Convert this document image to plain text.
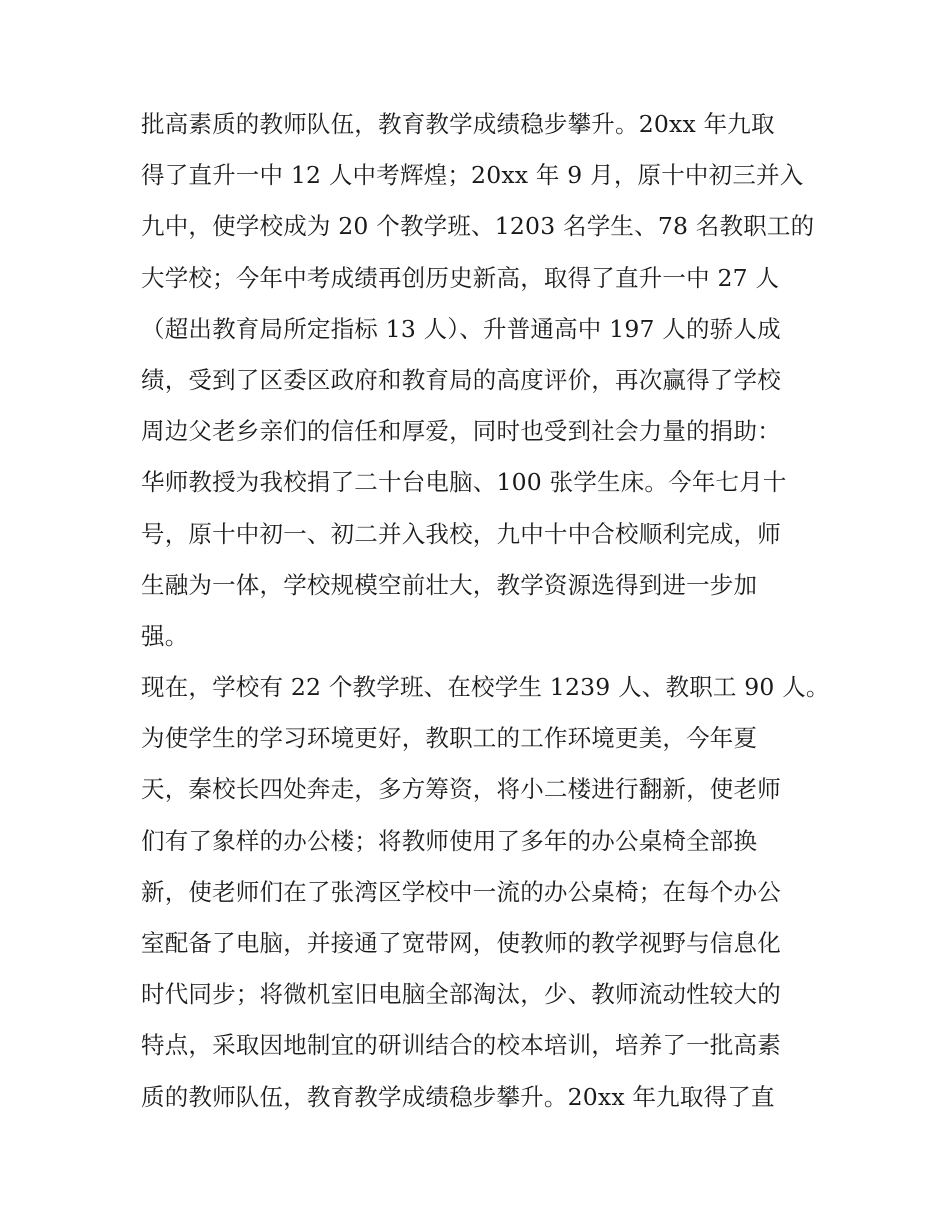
批高素质的教师队伍，教育教学成绩稳步攀升。20xx 年九取
得了直升一中 12 人中考辉煌；20xx 年 9 月，原十中初三并入
九中，使学校成为 20 个教学班、1203 名学生、78 名教职工的
大学校；今年中考成绩再创历史新高，取得了直升一中 27 人
（超出教育局所定指标 13 人）、升普通高中 197 人的骄人成
绩，受到了区委区政府和教育局的高度评价，再次赢得了学校
周边父老乡亲们的信任和厚爱，同时也受到社会力量的捐助：
华师教授为我校捐了二十台电脑、100 张学生床。今年七月十
号，原十中初一、初二并入我校，九中十中合校顺利完成，师
生融为一体，学校规模空前壮大，教学资源选得到进一步加
强。
现在，学校有 22 个教学班、在校学生 1239 人、教职工 90 人。
为使学生的学习环境更好，教职工的工作环境更美，今年夏
天，秦校长四处奔走，多方筹资，将小二楼进行翻新，使老师
们有了象样的办公楼；将教师使用了多年的办公桌椅全部换
新，使老师们在了张湾区学校中一流的办公桌椅；在每个办公
室配备了电脑，并接通了宽带网，使教师的教学视野与信息化
时代同步；将微机室旧电脑全部淘汰，少、教师流动性较大的
特点，采取因地制宜的研训结合的校本培训，培养了一批高素
质的教师队伍，教育教学成绩稳步攀升。20xx 年九取得了直
